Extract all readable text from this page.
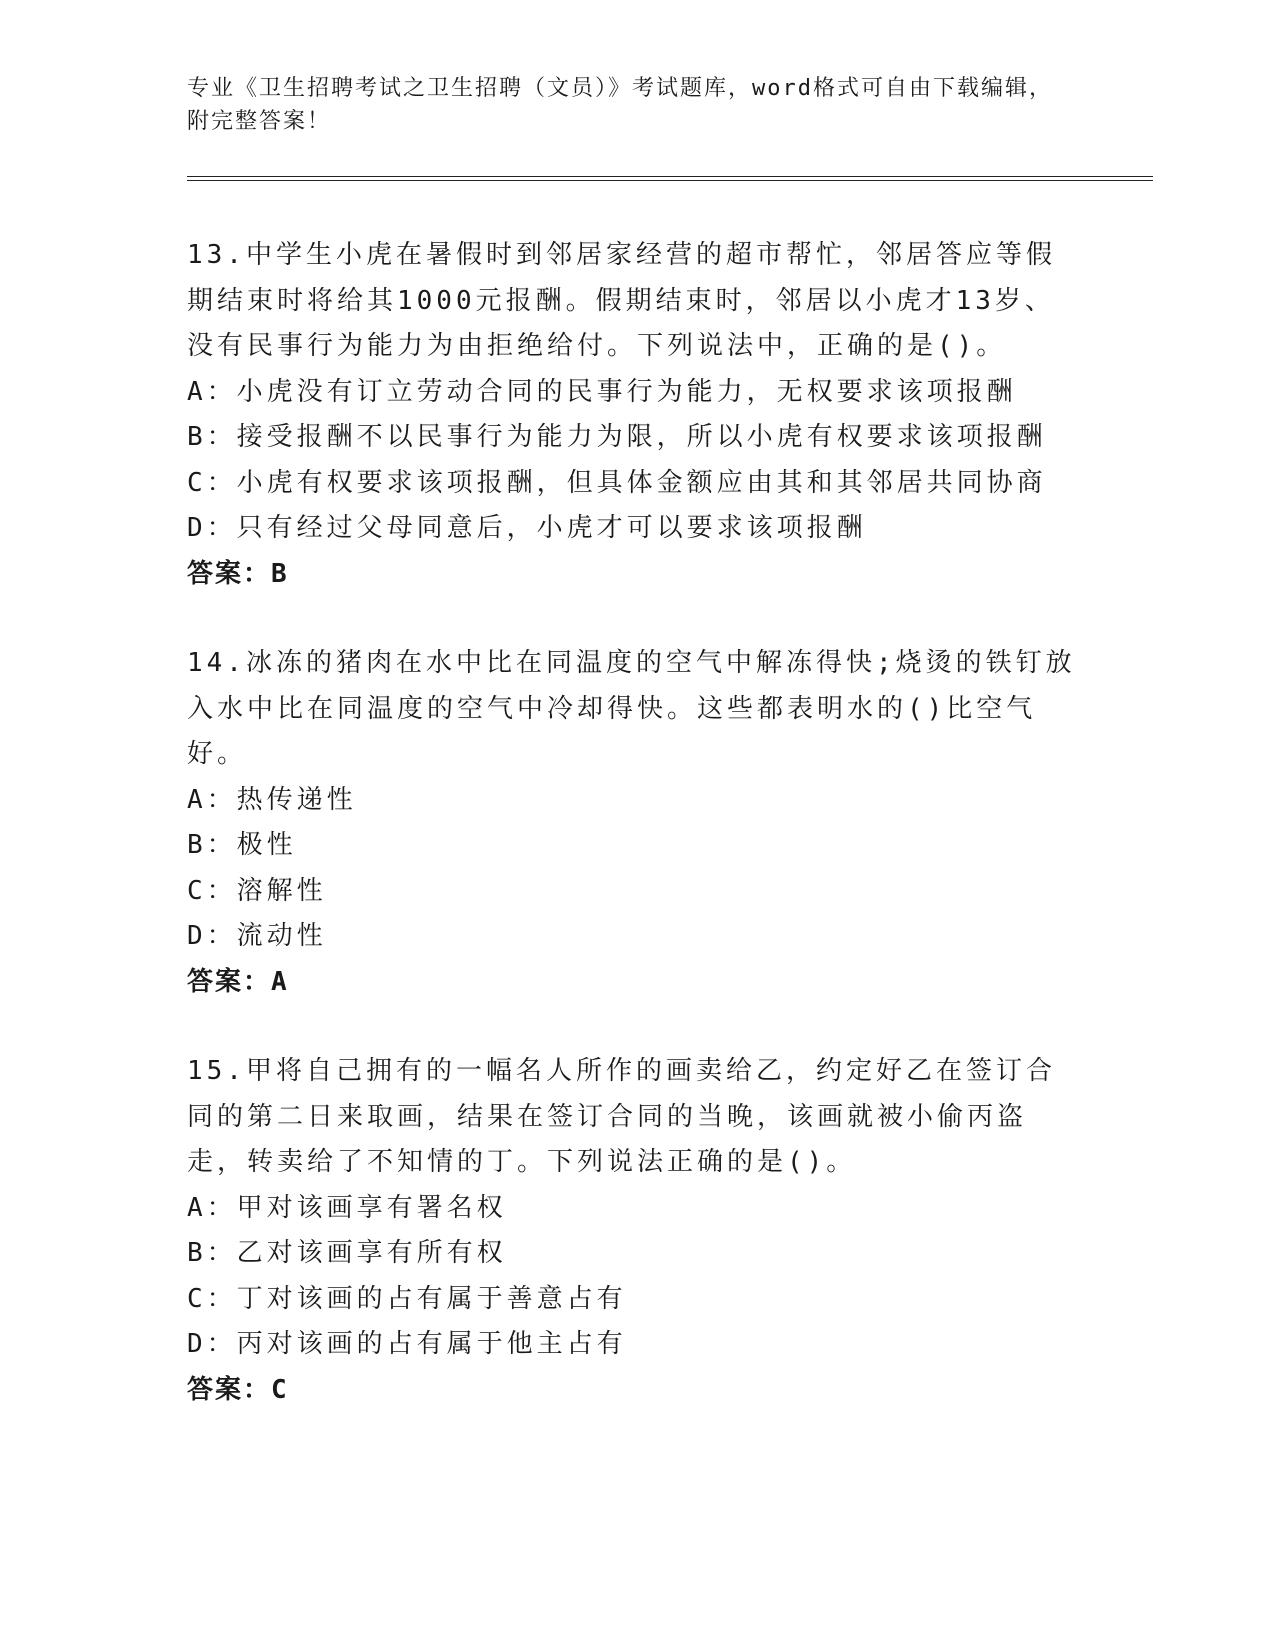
专业《卫生招聘考试之卫生招聘（文员）》考试题库，word格式可自由下载编辑，附完整答案！
13.中学生小虎在暑假时到邻居家经营的超市帮忙，邻居答应等假期结束时将给其1000元报酬。假期结束时，邻居以小虎才13岁、没有民事行为能力为由拒绝给付。下列说法中，正确的是()。
A：小虎没有订立劳动合同的民事行为能力，无权要求该项报酬
B：接受报酬不以民事行为能力为限，所以小虎有权要求该项报酬
C：小虎有权要求该项报酬，但具体金额应由其和其邻居共同协商
D：只有经过父母同意后，小虎才可以要求该项报酬
答案：B
14.冰冻的猪肉在水中比在同温度的空气中解冻得快;烧烫的铁钉放入水中比在同温度的空气中冷却得快。这些都表明水的()比空气好。
A：热传递性
B：极性
C：溶解性
D：流动性
答案：A
15.甲将自己拥有的一幅名人所作的画卖给乙，约定好乙在签订合同的第二日来取画，结果在签订合同的当晚，该画就被小偷丙盗走，转卖给了不知情的丁。下列说法正确的是()。
A：甲对该画享有署名权
B：乙对该画享有所有权
C：丁对该画的占有属于善意占有
D：丙对该画的占有属于他主占有
答案：C
